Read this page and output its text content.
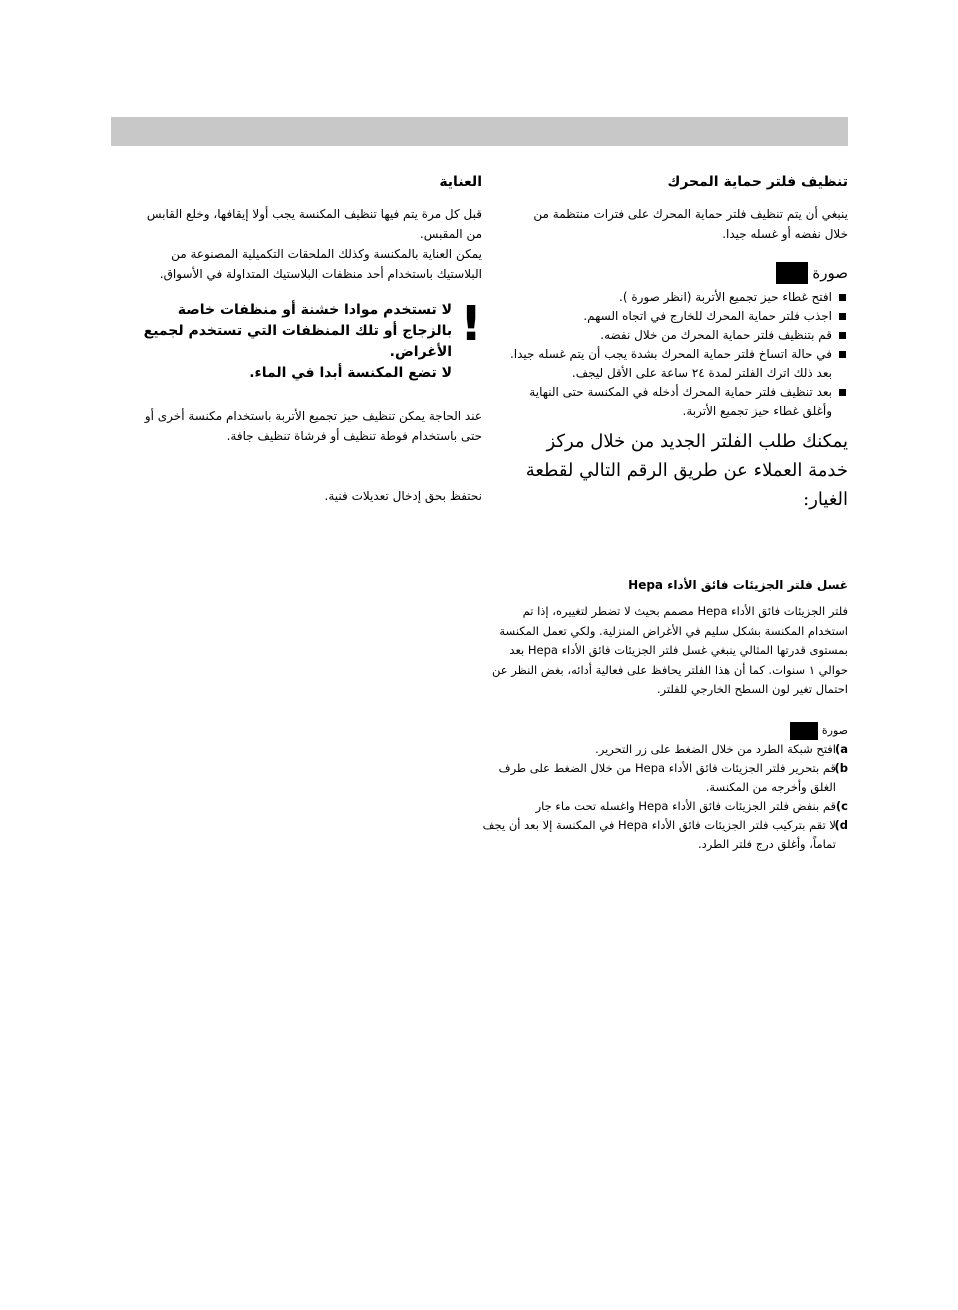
تنظيف فلتر حماية المحرك

ينبغي أن يتم تنظيف فلتر حماية المحرك على فترات منتظمة من خلال نفضه أو غسله جيدا.

صورة
افتح غطاء حيز تجميع الأتربة (انظر صورة ).
اجذب فلتر حماية المحرك للخارج في اتجاه السهم.
قم بتنظيف فلتر حماية المحرك من خلال نفضه.
في حالة اتساخ فلتر حماية المحرك بشدة يجب أن يتم غسله جيدا. بعد ذلك اترك الفلتر لمدة ٢٤ ساعة على الأقل ليجف.
بعد تنظيف فلتر حماية المحرك أدخله في المكنسة حتى النهاية وأغلق غطاء حيز تجميع الأتربة.

يمكنك طلب الفلتر الجديد من خلال مركز خدمة العملاء عن طريق الرقم التالي لقطعة الغيار:

العناية

قبل كل مرة يتم فيها تنظيف المكنسة يجب أولا إيقافها، وخلع القابس من المقبس.

يمكن العناية بالمكنسة وكذلك الملحقات التكميلية المصنوعة من البلاستيك باستخدام أحد منظفات البلاستيك المتداولة في الأسواق.

!

لا تستخدم موادا خشنة أو منظفات خاصة بالزجاج أو تلك المنظفات التي تستخدم لجميع الأغراض.

لا تضع المكنسة أبدا في الماء.

عند الحاجة يمكن تنظيف حيز تجميع الأتربة باستخدام مكنسة أخرى أو حتى باستخدام فوطة تنظيف أو فرشاة تنظيف جافة.

نحتفظ بحق إدخال تعديلات فنية.

غسل فلتر الجزيئات فائق الأداء Hepa

فلتر الجزيئات فائق الأداء Hepa مصمم بحيث لا تضطر لتغييره، إذا تم استخدام المكنسة بشكل سليم في الأغراض المنزلية. ولكي تعمل المكنسة بمستوى قدرتها المثالي ينبغي غسل فلتر الجزيئات فائق الأداء Hepa بعد حوالي ١ سنوات. كما أن هذا الفلتر يحافظ على فعالية أدائه، بغض النظر عن احتمال تغير لون السطح الخارجي للفلتر.

صورة
a)
افتح شبكة الطرد من خلال الضغط على زر التحرير.
b)
قم بتحرير فلتر الجزيئات فائق الأداء Hepa من خلال الضغط على طرف الغلق وأخرجه من المكنسة.
c)
قم بنفض فلتر الجزيئات فائق الأداء Hepa واغسله تحت ماء جار
d)
لا تقم بتركيب فلتر الجزيئات فائق الأداء Hepa في المكنسة إلا بعد أن يجف تماماً، وأغلق درج فلتر الطرد.
